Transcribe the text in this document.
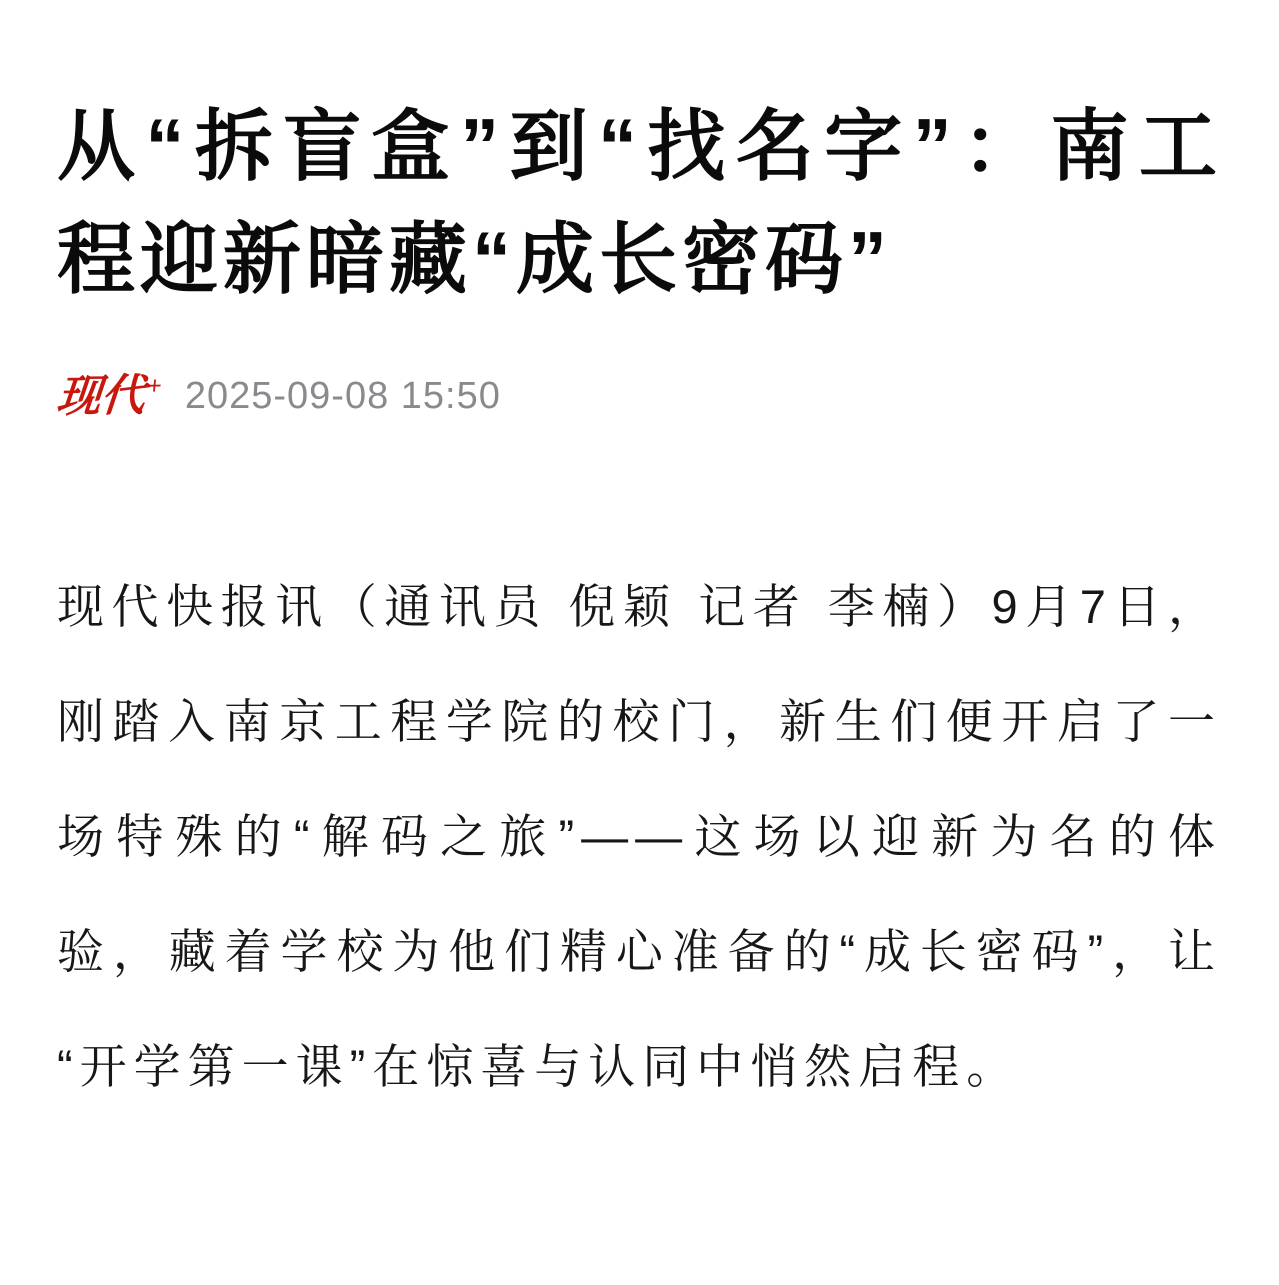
从“拆盲盒”到“找名字”：南工程迎新暗藏“成长密码”
现代+ 2025-09-08 15:50

现代快报讯（通讯员 倪颖 记者 李楠）9月7日，刚踏入南京工程学院的校门，新生们便开启了一场特殊的“解码之旅”——这场以迎新为名的体验，藏着学校为他们精心准备的“成长密码”，让“开学第一课”在惊喜与认同中悄然启程。
